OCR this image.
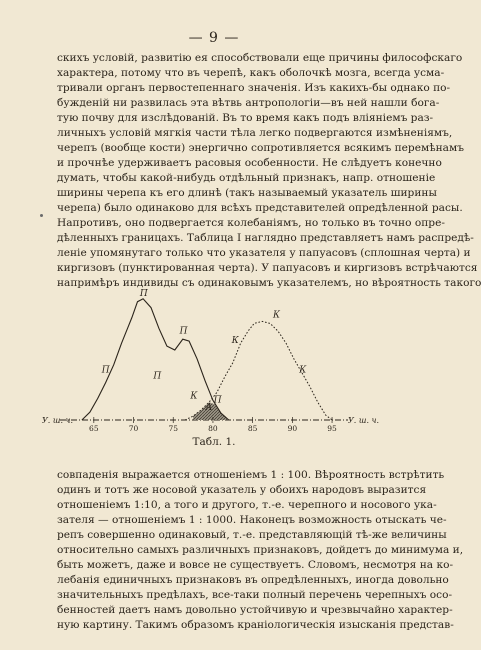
— 9 —
скихъ условій, развитію ея способствовали еще причины философскаго
характера, потому что въ черепѣ, какъ оболочкѣ мозга, всегда усма-
тривали органъ первостепеннаго значенія. Изъ какихъ-бы однако по-
бужденій ни развилась эта вѣтвь антропологіи—въ ней нашли бога-
тую почву для изслѣдованій. Въ то время какъ подъ вліяніемъ раз-
личныхъ условій мягкія части тѣла легко подвергаются измѣненіямъ,
черепъ (вообще кости) энергично сопротивляется всякимъ перемѣнамъ
и прочнѣе удерживаетъ расовыя особенности. Не слѣдуетъ конечно
думать, чтобы какой-нибудь отдѣльный признакъ, напр. отношеніе
ширины черепа къ его длинѣ (такъ называемый указатель ширины
черепа) было одинаково для всѣхъ представителей опредѣленной расы.
Напротивъ, оно подвергается колебаніямъ, но только въ точно опре-
дѣленныхъ границахъ. Таблица I наглядно представляетъ намъ распредѣ-
леніе упомянутаго только что указателя у папуасовъ (сплошная черта) и
киргизовъ (пунктированная черта). У папуасовъ и киргизовъ встрѣчаются
напримѣръ индивиды съ одинаковымъ указателемъ, но вѣроятность такого
65	70	75	80	85	90	95
У. ш. ч.	У. ш. ч.
П
П
П
П
П
К
К
К
К
А
Табл. 1.
совпаденія выражается отношеніемъ 1 : 100. Вѣроятность встрѣтить
одинъ и тотъ же носовой указатель у обоихъ народовъ выразится
отношеніемъ 1:10, а того и другого, т.-е. черепного и носового ука-
зателя — отношеніемъ 1 : 1000. Наконецъ возможность отыскать че-
репъ совершенно одинаковый, т.-е. представляющій тѣ-же величины
относительно самыхъ различныхъ признаковъ, дойдетъ до минимума и,
быть можетъ, даже и вовсе не существуетъ. Словомъ, несмотря на ко-
лебанія единичныхъ признаковъ въ опредѣленныхъ, иногда довольно
значительныхъ предѣлахъ, все-таки полный перечень черепныхъ осо-
бенностей даетъ намъ довольно устойчивую и чрезвычайно характер-
ную картину. Такимъ образомъ краніологическія изысканія представ-
